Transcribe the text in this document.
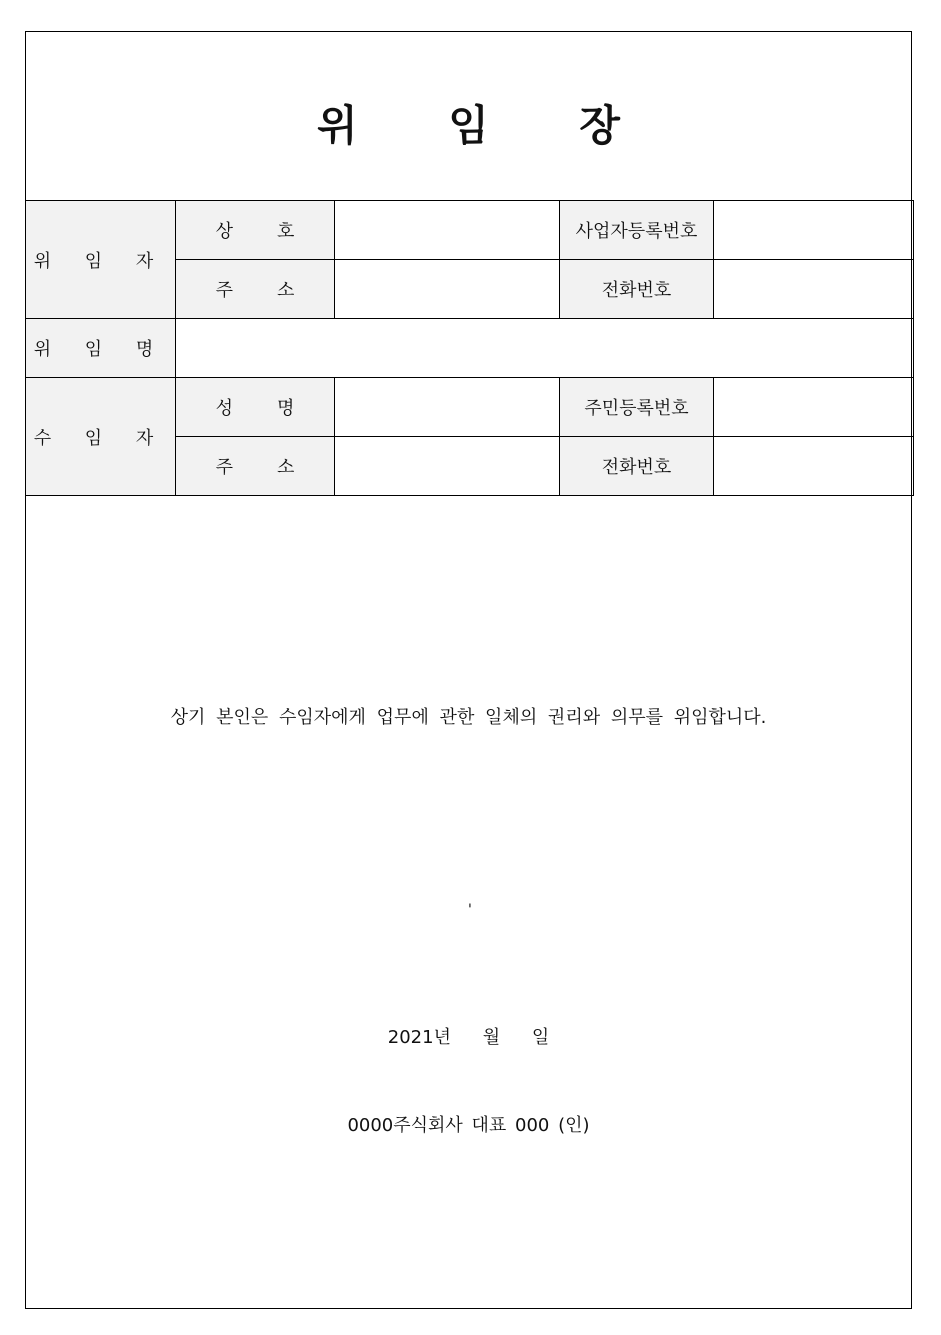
위 임 장
위 임 자	상 호		사업자등록번호	

	주 소		전화번호	
위 임 명				
수 임 자	성 명		주민등록번호	

	주 소		전화번호	
상기 본인은 수임자에게 업무에 관한 일체의 권리와 의무를 위임합니다.
'
2021년 월 일
0000주식회사 대표 000 (인)
